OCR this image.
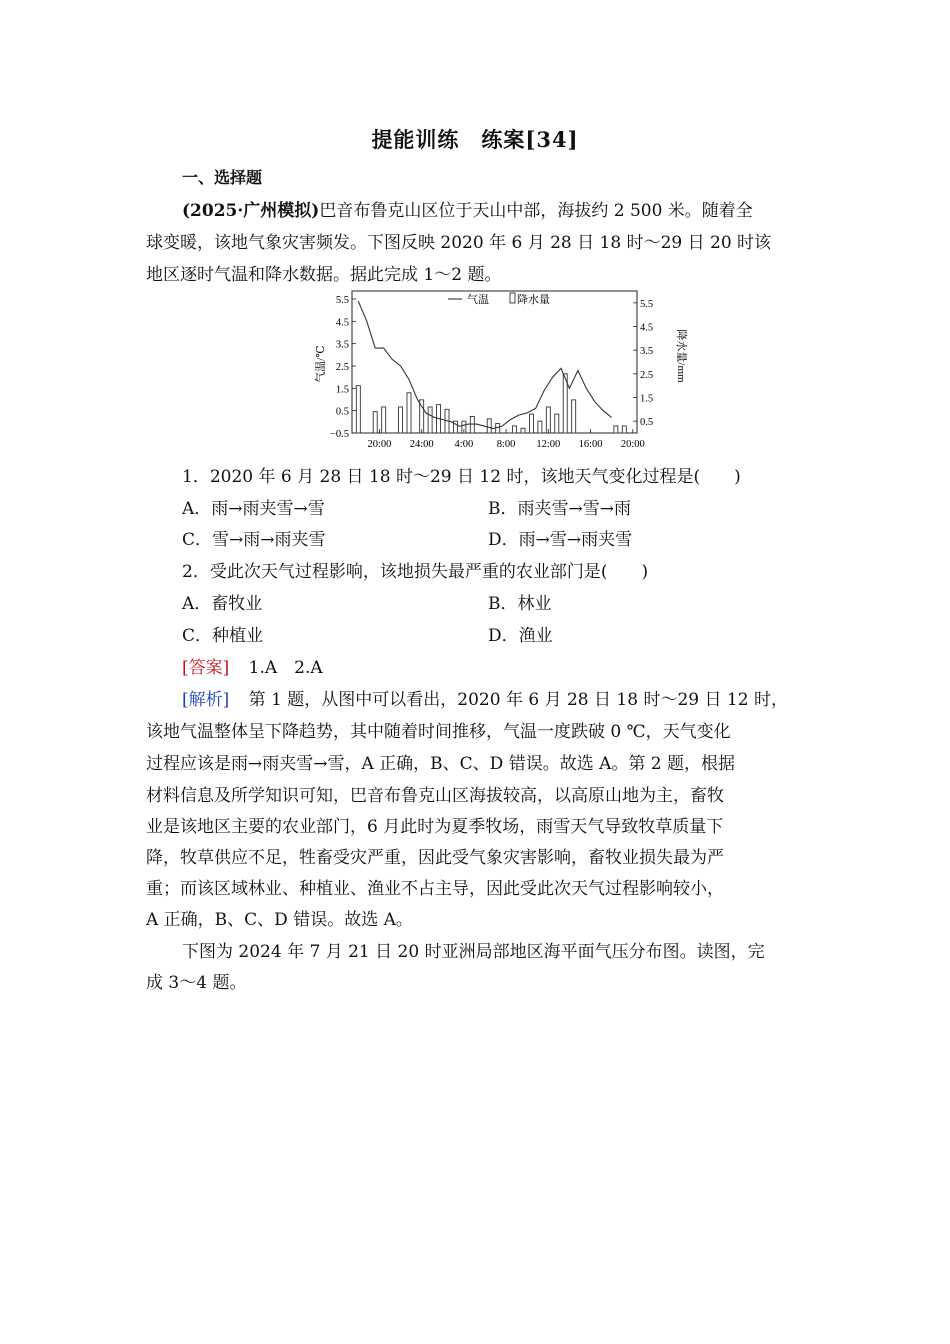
提能训练　练案[34]
一、选择题
(2025·广州模拟)巴音布鲁克山区位于天山中部，海拔约 2 500 米。随着全
球变暖，该地气象灾害频发。下图反映 2020 年 6 月 28 日 18 时～29 日 20 时该
地区逐时气温和降水数据。据此完成 1～2 题。
5.5
4.5
3.5
2.5
1.5
0.5
−0.5
5.5
4.5
3.5
2.5
1.5
0.5
20:00 24:00 4:00 8:00 12:00 16:00 20:00
气温	降水量
气温/℃	降水量/mm
1．2020 年 6 月 28 日 18 时～29 日 12 时，该地天气变化过程是(　　)
A．雨→雨夹雪→雪	B．雨夹雪→雪→雨
C．雪→雨→雨夹雪	D．雨→雪→雨夹雪
2．受此次天气过程影响，该地损失最严重的农业部门是(　　)
A．畜牧业	B．林业
C．种植业	D．渔业
[答案] 1.A　2.A
[解析] 第 1 题，从图中可以看出，2020 年 6 月 28 日 18 时～29 日 12 时，
该地气温整体呈下降趋势，其中随着时间推移，气温一度跌破 0 ℃，天气变化
过程应该是雨→雨夹雪→雪，A 正确，B、C、D 错误。故选 A。第 2 题，根据
材料信息及所学知识可知，巴音布鲁克山区海拔较高，以高原山地为主，畜牧
业是该地区主要的农业部门，6 月此时为夏季牧场，雨雪天气导致牧草质量下
降，牧草供应不足，牲畜受灾严重，因此受气象灾害影响，畜牧业损失最为严
重；而该区域林业、种植业、渔业不占主导，因此受此次天气过程影响较小，
A 正确，B、C、D 错误。故选 A。
下图为 2024 年 7 月 21 日 20 时亚洲局部地区海平面气压分布图。读图，完
成 3～4 题。
